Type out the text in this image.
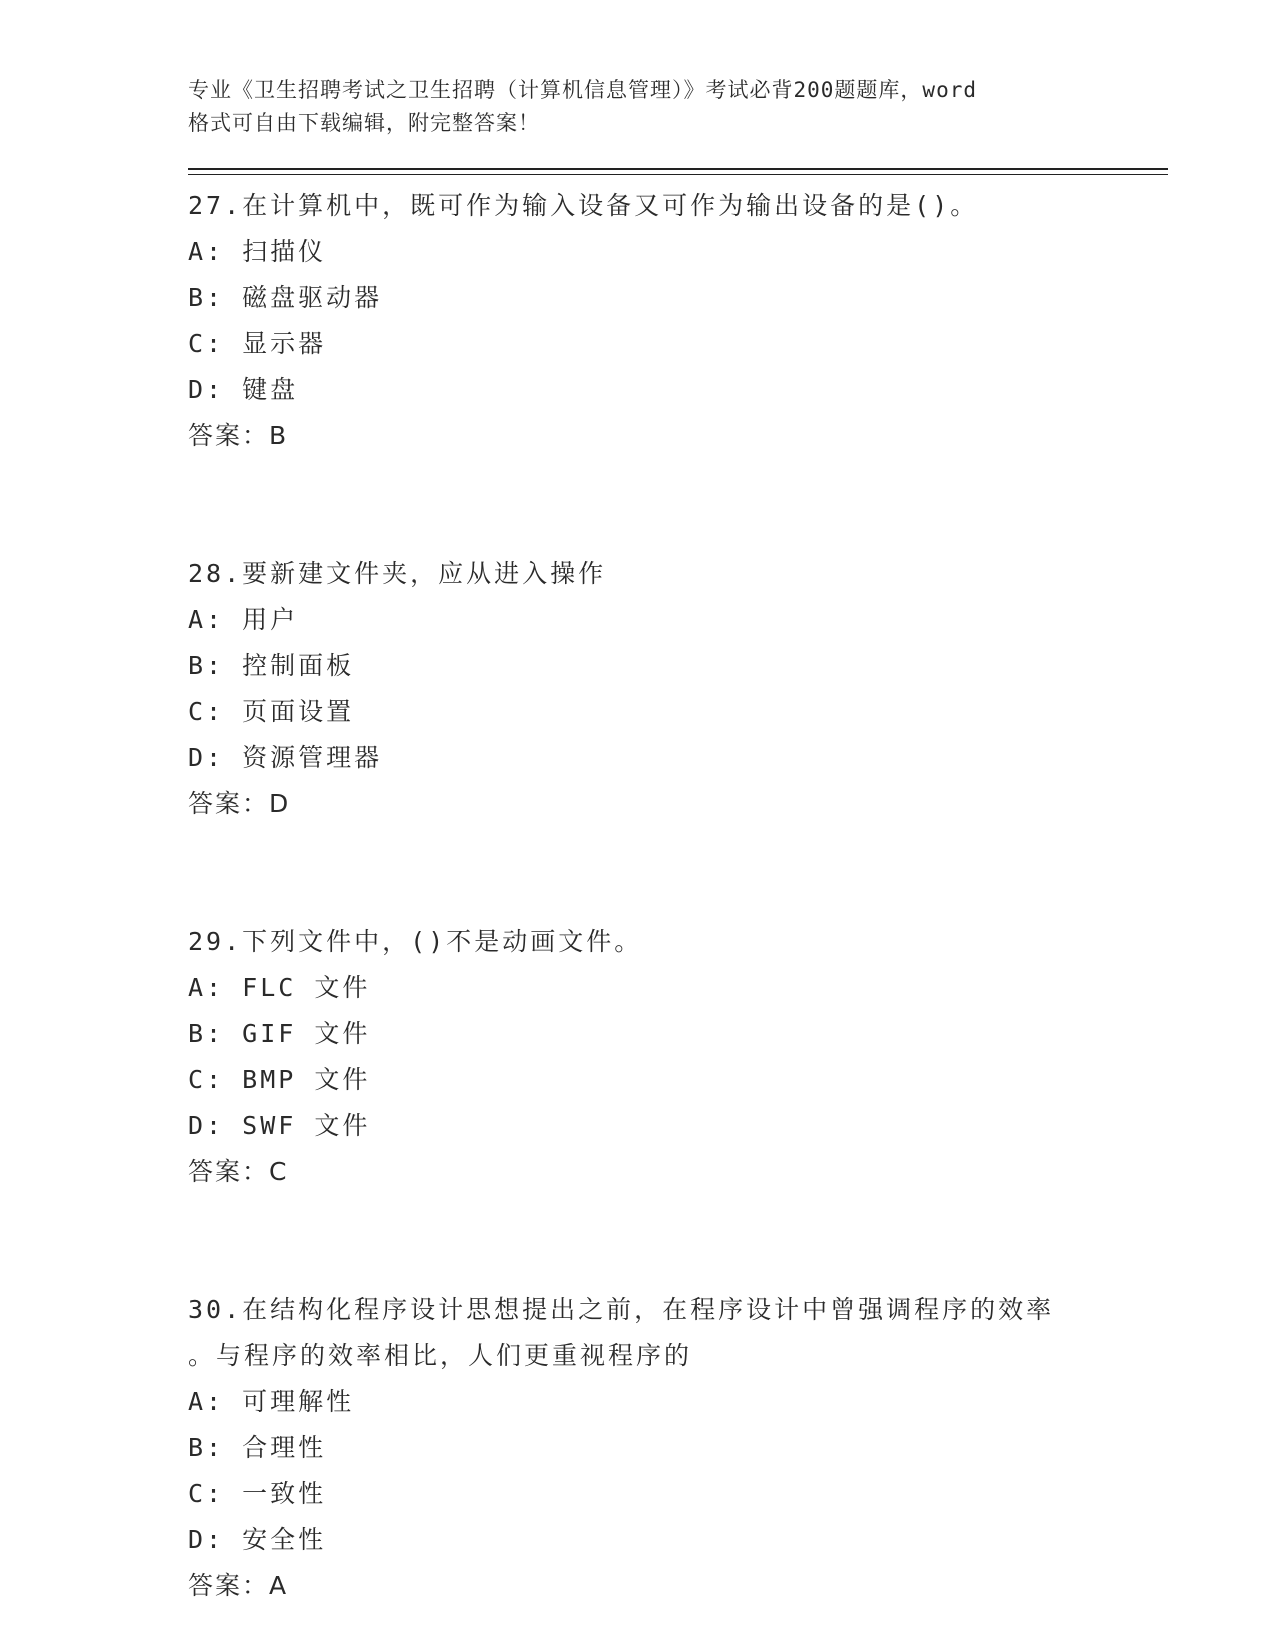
专业《卫生招聘考试之卫生招聘（计算机信息管理）》考试必背200题题库，word
格式可自由下载编辑，附完整答案！
27.在计算机中，既可作为输入设备又可作为输出设备的是()。
A: 扫描仪
B: 磁盘驱动器
C: 显示器
D: 键盘
答案：B
28.要新建文件夹，应从进入操作
A: 用户
B: 控制面板
C: 页面设置
D: 资源管理器
答案：D
29.下列文件中，()不是动画文件。
A: FLC 文件
B: GIF 文件
C: BMP 文件
D: SWF 文件
答案：C
30.在结构化程序设计思想提出之前，在程序设计中曾强调程序的效率
。与程序的效率相比，人们更重视程序的
A: 可理解性
B: 合理性
C: 一致性
D: 安全性
答案：A
